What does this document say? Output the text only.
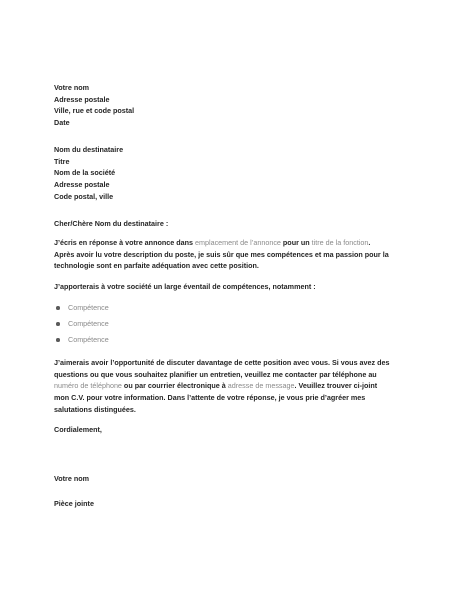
Votre nom
Adresse postale
Ville, rue et code postal
Date
Nom du destinataire
Titre
Nom de la société
Adresse postale
Code postal, ville
Cher/Chère Nom du destinataire :
J’écris en réponse à votre annonce dans emplacement de l’annonce pour un titre de la fonction.
Après avoir lu votre description du poste, je suis sûr que mes compétences et ma passion pour la
technologie sont en parfaite adéquation avec cette position.
J’apporterais à votre société un large éventail de compétences, notamment :
Compétence
Compétence
Compétence
J’aimerais avoir l’opportunité de discuter davantage de cette position avec vous. Si vous avez des
questions ou que vous souhaitez planifier un entretien, veuillez me contacter par téléphone au
numéro de téléphone ou par courrier électronique à adresse de message. Veuillez trouver ci-joint
mon C.V. pour votre information. Dans l’attente de votre réponse, je vous prie d’agréer mes
salutations distinguées.
Cordialement,
Votre nom
Pièce jointe
